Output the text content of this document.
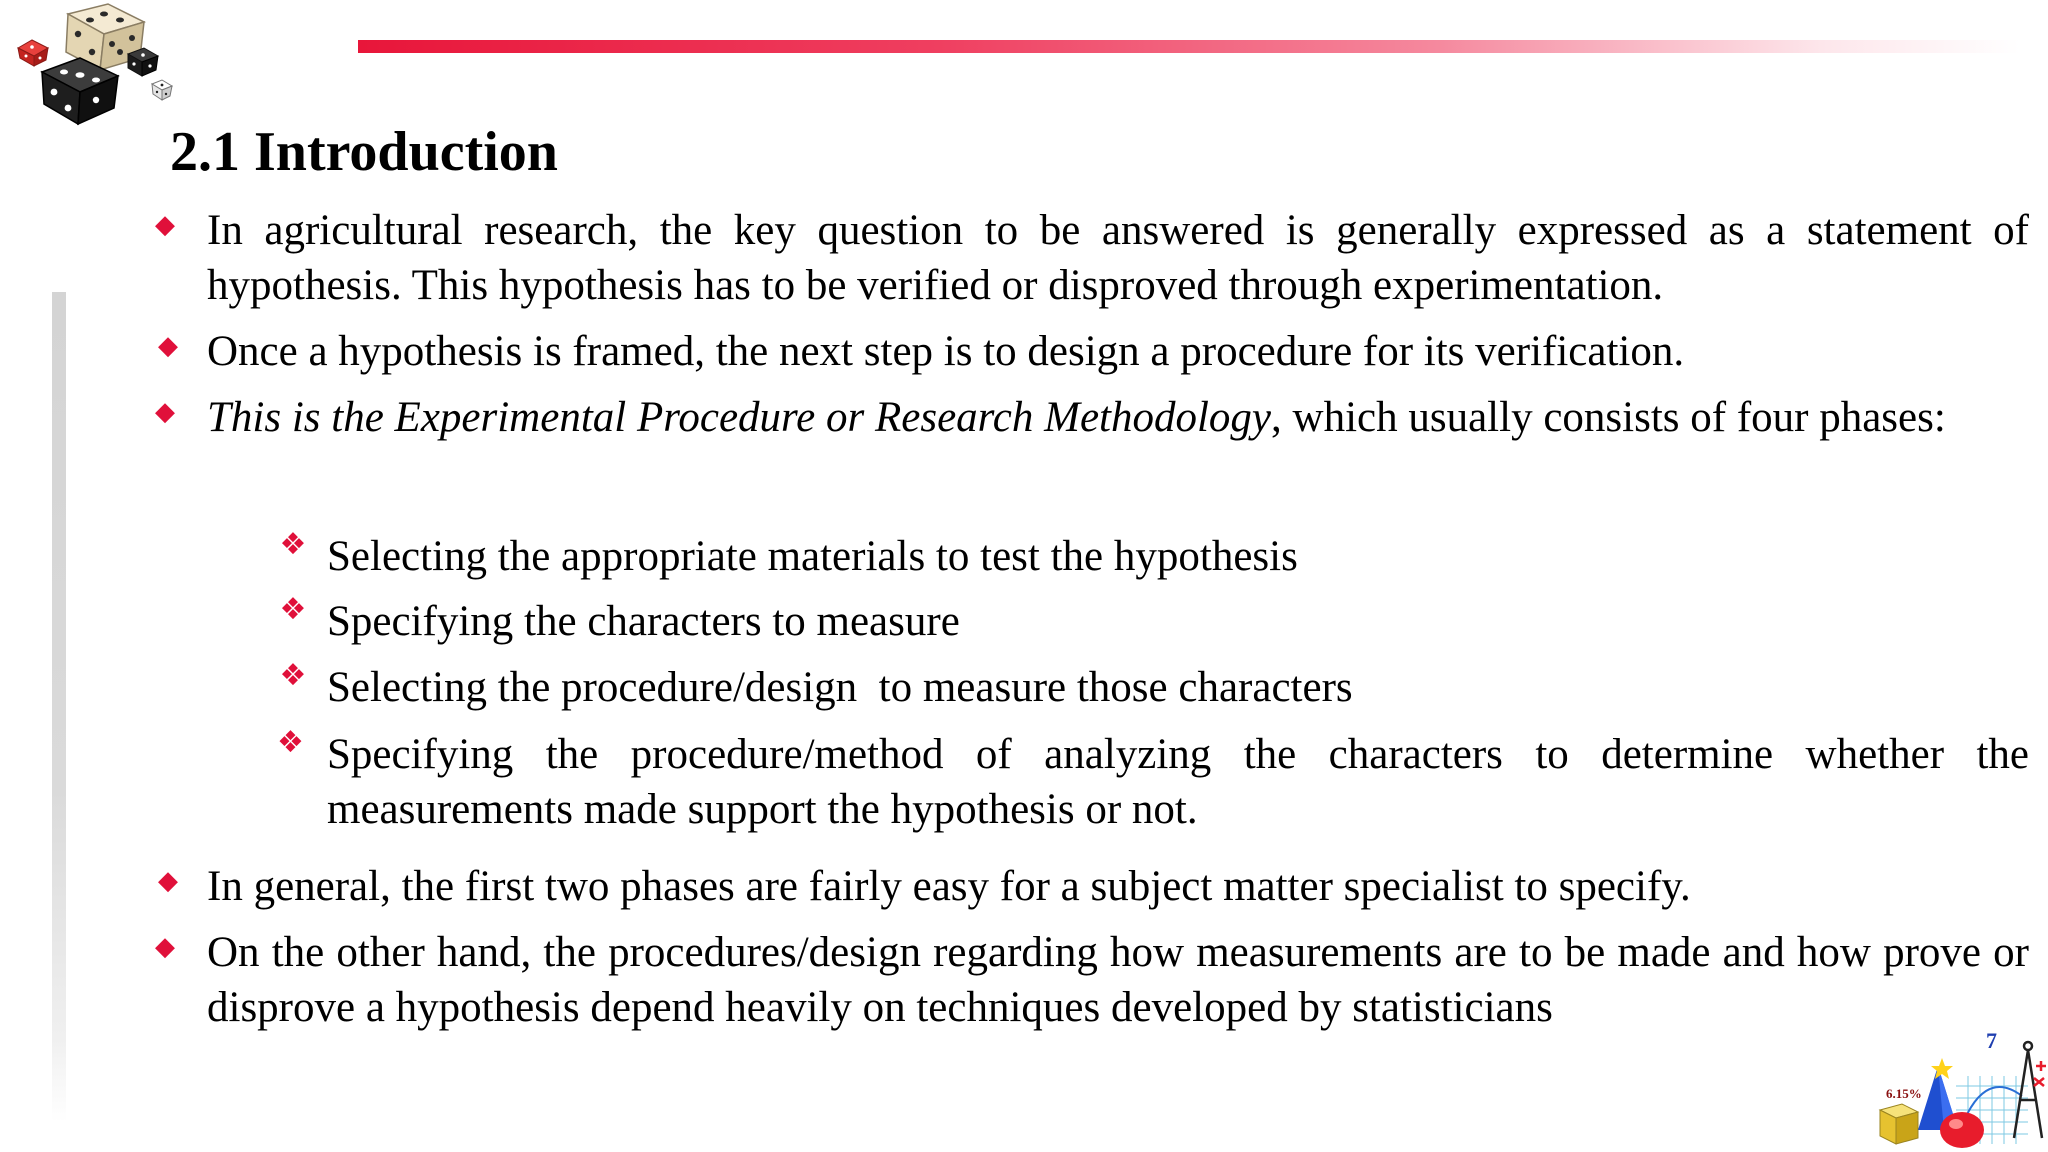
2.1 Introduction
◆ In agricultural research, the key question to be answered is generally expressed as a statement of hypothesis. This hypothesis has to be verified or disproved through experimentation.
◆ Once a hypothesis is framed, the next step is to design a procedure for its verification.
◆ This is the Experimental Procedure or Research Methodology, which usually consists of four phases:
❖ Selecting the appropriate materials to test the hypothesis
❖ Specifying the characters to measure
❖ Selecting the procedure/design  to measure those characters
❖ Specifying the procedure/method of analyzing the characters to determine whether the measurements made support the hypothesis or not.
◆ In general, the first two phases are fairly easy for a subject matter specialist to specify.
◆ On the other hand, the procedures/design regarding how measurements are to be made and how prove or disprove a hypothesis depend heavily on techniques developed by statisticians
7
6.15%
